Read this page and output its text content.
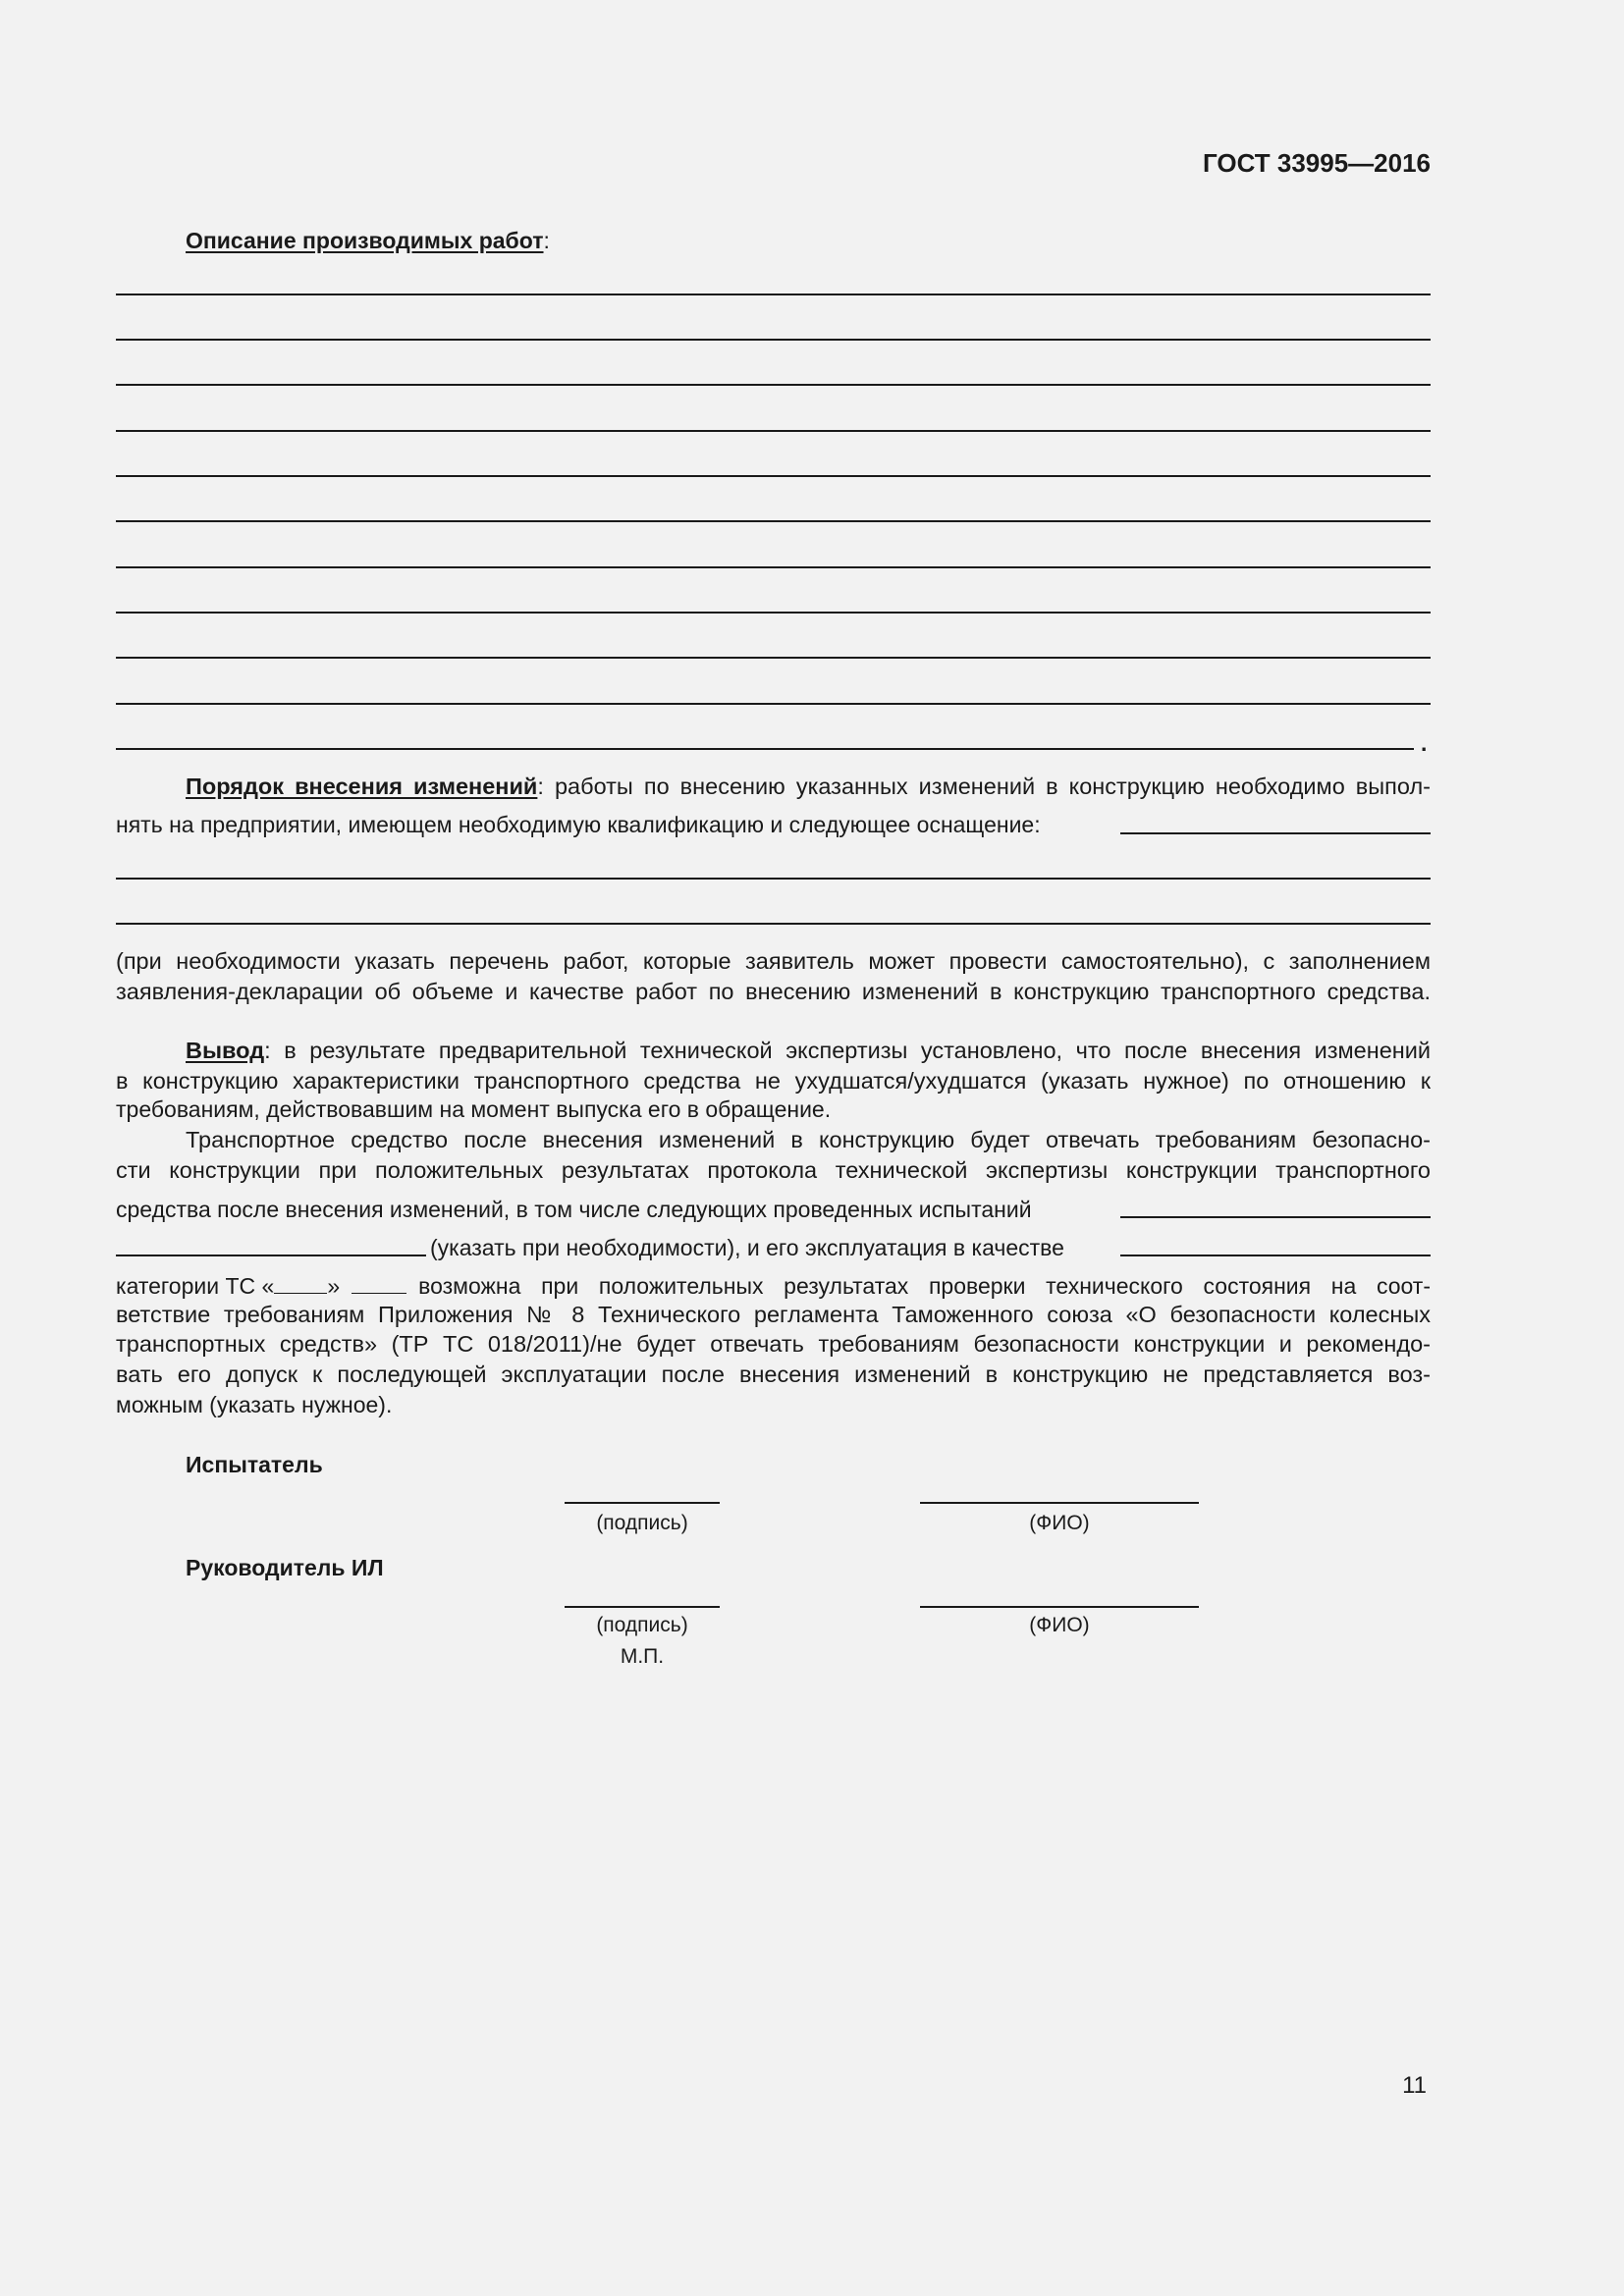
ГОСТ 33995—2016
Описание производимых работ:
.
Порядок внесения изменений: работы по внесению указанных изменений в конструкцию необходимо выпол-
нять на предприятии, имеющем необходимую квалификацию и следующее оснащение:
(при необходимости указать перечень работ, которые заявитель может провести самостоятельно), с заполнением
заявления-декларации об объеме и качестве работ по внесению изменений в конструкцию транспортного средства.
Вывод: в результате предварительной технической экспертизы установлено, что после внесения изменений
в конструкцию характеристики транспортного средства не ухудшатся/ухудшатся (указать нужное) по отношению к
требованиям, действовавшим на момент выпуска его в обращение.
Транспортное средство после внесения изменений в конструкцию будет отвечать требованиям безопасно-
сти конструкции при положительных результатах протокола технической экспертизы конструкции транспортного
средства после внесения изменений, в том числе следующих проведенных испытаний
(указать при необходимости), и его эксплуатация в качестве
категории ТС « »	возможна при положительных результатах проверки технического состояния на соот-
ветствие требованиям Приложения № 8 Технического регламента Таможенного союза «О безопасности колесных
транспортных средств» (ТР ТС 018/2011)/не будет отвечать требованиям безопасности конструкции и рекомендо-
вать его допуск к последующей эксплуатации после внесения изменений в конструкцию не представляется воз-
можным (указать нужное).
Испытатель
(подпись)	(ФИО)
Руководитель ИЛ
(подпись)	(ФИО)
М.П.
11
